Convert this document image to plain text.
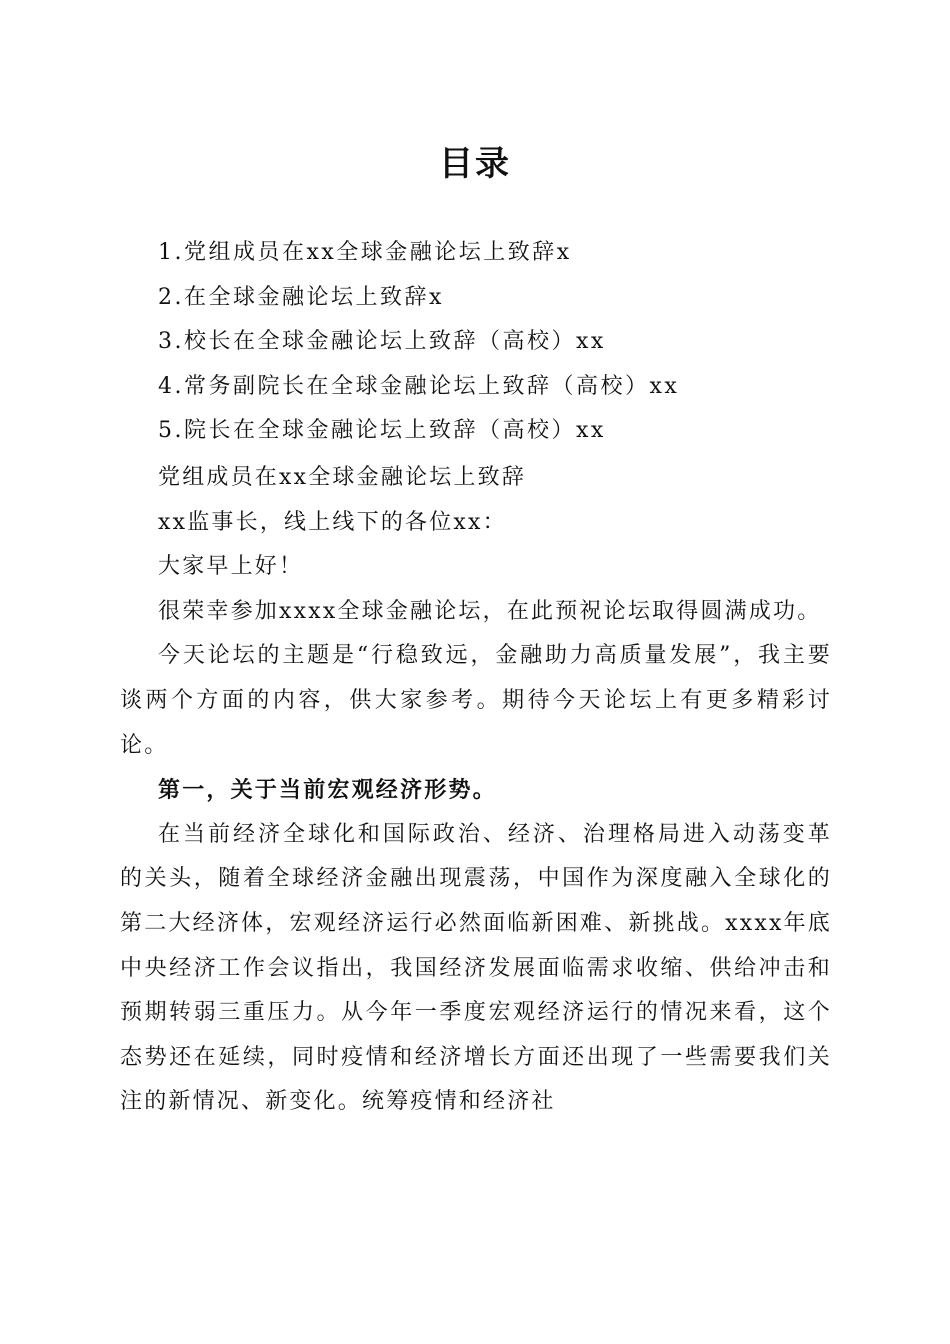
目录
1.党组成员在xx全球金融论坛上致辞x
2.在全球金融论坛上致辞x
3.校长在全球金融论坛上致辞（高校）xx
4.常务副院长在全球金融论坛上致辞（高校）xx
5.院长在全球金融论坛上致辞（高校）xx

党组成员在xx全球金融论坛上致辞

xx监事长，线上线下的各位xx：

大家早上好！

很荣幸参加xxxx全球金融论坛，在此预祝论坛取得圆满成功。

今天论坛的主题是“行稳致远，金融助力高质量发展”，我主要谈两个方面的内容，供大家参考。期待今天论坛上有更多精彩讨论。

第一，关于当前宏观经济形势。

在当前经济全球化和国际政治、经济、治理格局进入动荡变革的关头，随着全球经济金融出现震荡，中国作为深度融入全球化的第二大经济体，宏观经济运行必然面临新困难、新挑战。xxxx年底中央经济工作会议指出，我国经济发展面临需求收缩、供给冲击和预期转弱三重压力。从今年一季度宏观经济运行的情况来看，这个态势还在延续，同时疫情和经济增长方面还出现了一些需要我们关注的新情况、新变化。统筹疫情和经济社
